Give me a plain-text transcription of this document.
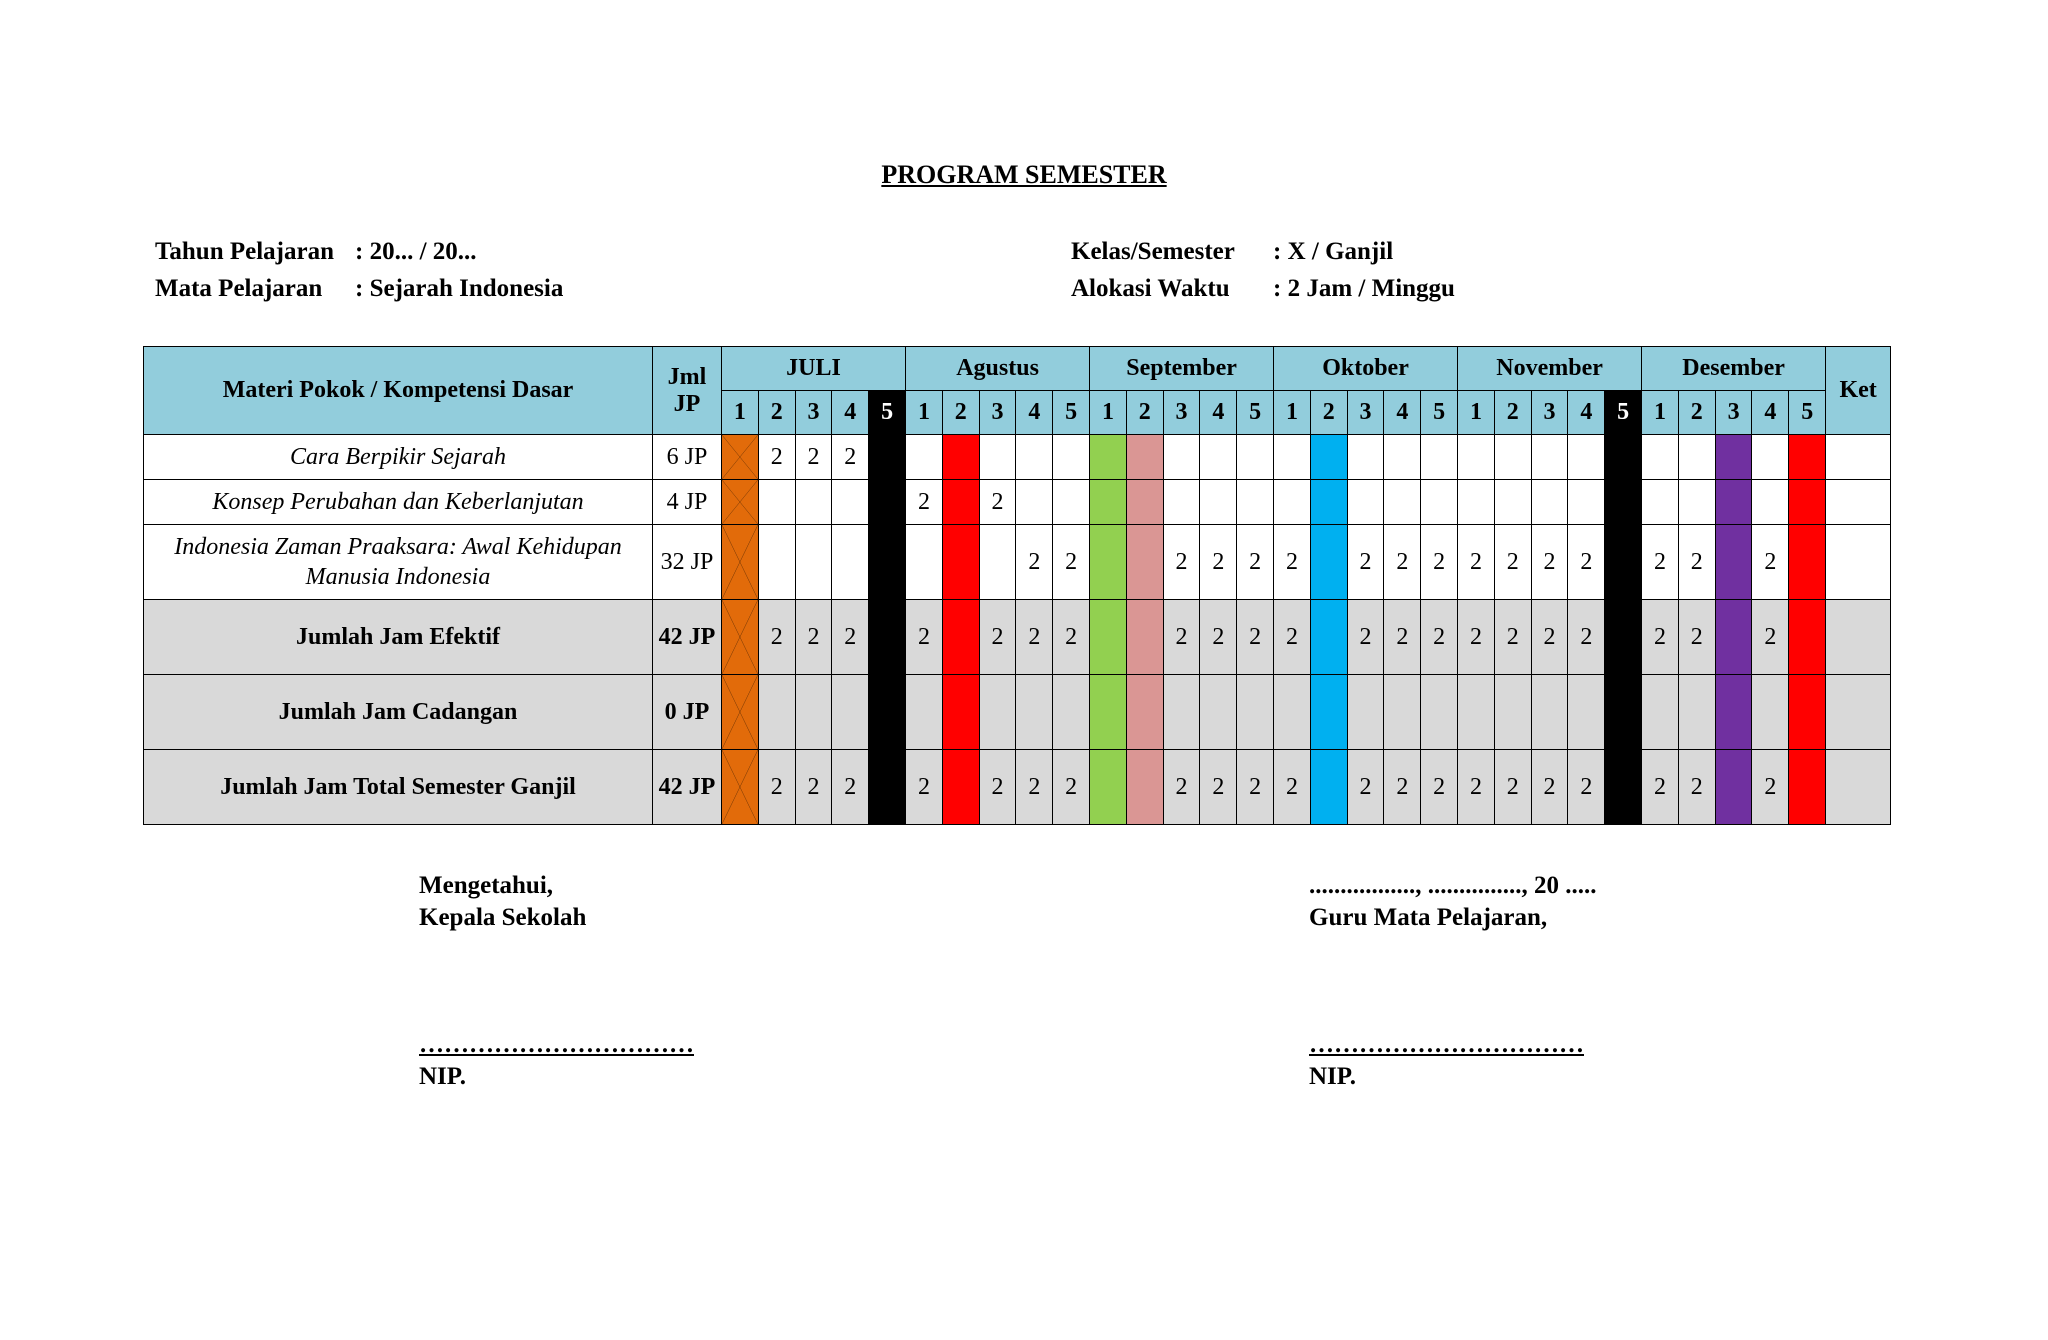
PROGRAM SEMESTER
Tahun Pelajaran : 20... / 20...
Mata Pelajaran	: Sejarah Indonesia
Kelas/Semester	: X / Ganjil
Alokasi Waktu	: 2 Jam / Minggu
Materi Pokok / Kompetensi Dasar	Jml JP	JULI					Agustus					September					Oktober					November					Desember					Ket
		1	2	3	4	5	1	2	3	4	5	1	2	3	4	5	1	2	3	4	5	1	2	3	4	5	1	2	3	4	5	
Cara Berpikir Sejarah	6 JP		2	2	2																											
Konsep Perubahan dan Keberlanjutan	4 JP						2		2																							
Indonesia Zaman Praaksara: Awal Kehidupan Manusia Indonesia	32 JP									2	2			2	2	2	2		2	2	2	2	2	2	2		2	2		2		
Jumlah Jam Efektif	42 JP		2	2	2		2		2	2	2			2	2	2	2		2	2	2	2	2	2	2		2	2		2		
Jumlah Jam Cadangan	0 JP	

Jumlah Jam Total Semester Ganjil	42 JP		2	2	2		2		2	2	2			2	2	2	2		2	2	2	2	2	2	2		2	2		2		
Mengetahui,
Kepala Sekolah
……………………………
NIP.
................., ..............., 20 .....
Guru Mata Pelajaran,
……………………………
NIP.
